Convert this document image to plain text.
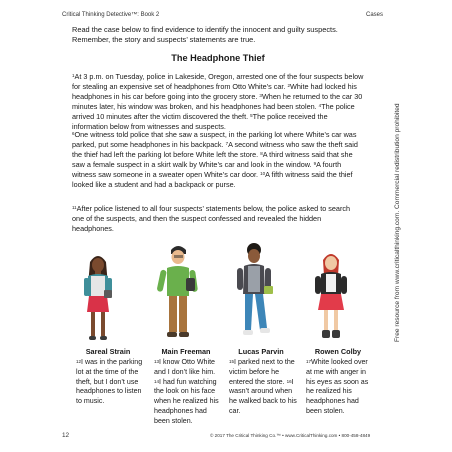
Critical Thinking Detective™: Book 2	Cases
Read the case below to find evidence to identify the innocent and guilty suspects. Remember, the story and suspects’ statements are true.
The Headphone Thief
$^1$At 3 p.m. on Tuesday, police in Lakeside, Oregon, arrested one of the four suspects below for stealing an expensive set of headphones from Otto White’s car. $^2$White had locked his headphones in his car before going into the grocery store. $^3$When he returned to the car 30 minutes later, his window was broken, and his headphones had been stolen. $^4$The police arrived 10 minutes after the victim discovered the theft. $^5$The police received the information below from witnesses and suspects.
$^6$One witness told police that she saw a suspect, in the parking lot where White’s car was parked, put some headphones in his backpack. $^7$A second witness who saw the theft said the thief had left the parking lot before White left the store. $^8$A third witness said that she saw a female suspect in a skirt walk by White’s car and look in the window. $^9$A fourth witness saw someone in a sweater open White’s car door. $^{10}$A fifth witness said the thief looked like a student and had a backpack or purse.
$^{11}$After police listened to all four suspects’ statements below, the police asked to search one of the suspects, and then the suspect confessed and revealed the hidden headphones.	Free resource from www.criticalthinking.com. Commercial redistribution prohibited
Sareal Strain
$^{12}$I was in the parking lot at the time of the theft, but I don’t use headphones to listen to music.
Main Freeman
$^{13}$I know Otto White and I don’t like him. $^{14}$I had fun watching the look on his face when he realized his headphones had been stolen.
Lucas Parvin
$^{15}$I parked next to the victim before he entered the store. $^{16}$I wasn’t around when he walked back to his car.
Rowen Colby
$^{17}$White looked over at me with anger in his eyes as soon as he realized his headphones had been stolen.
12	© 2017 The Critical Thinking Co.™ • www.CriticalThinking.com • 800-458-4849
